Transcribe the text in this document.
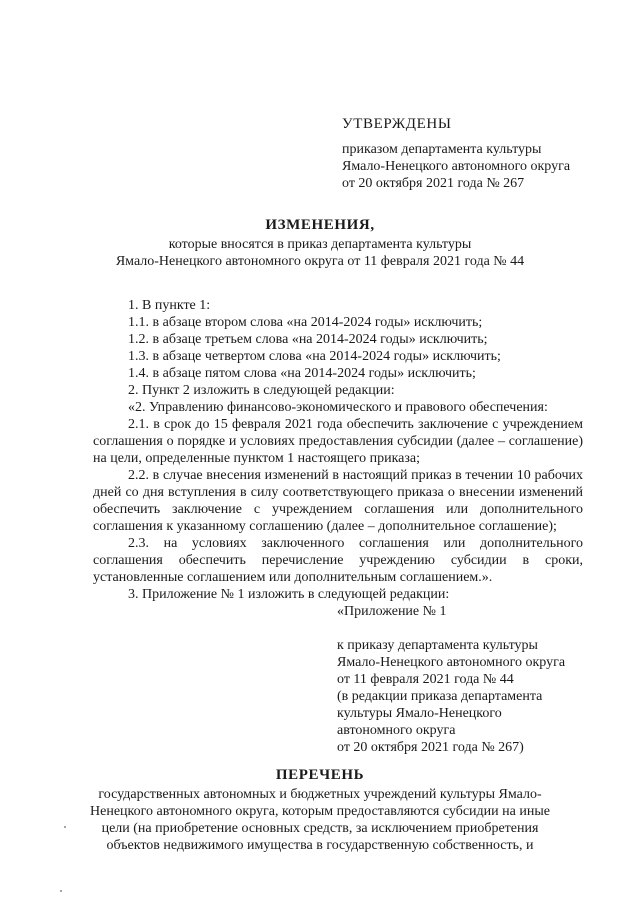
УТВЕРЖДЕНЫ
приказом департамента культуры
Ямало-Ненецкого автономного округа
от 20 октября 2021 года № 267
ИЗМЕНЕНИЯ,
которые вносятся в приказ департамента культуры
Ямало-Ненецкого автономного округа от 11 февраля 2021 года № 44
1. В пункте 1:
1.1. в абзаце втором слова «на 2014-2024 годы» исключить;
1.2. в абзаце третьем слова «на 2014-2024 годы» исключить;
1.3. в абзаце четвертом слова «на 2014-2024 годы» исключить;
1.4. в абзаце пятом слова «на 2014-2024 годы» исключить;
2. Пункт 2 изложить в следующей редакции:
«2. Управлению финансово-экономического и правового обеспечения:
2.1. в срок до 15 февраля 2021 года обеспечить заключение с учреждением
соглашения о порядке и условиях предоставления субсидии (далее – соглашение)
на цели, определенные пунктом 1 настоящего приказа;
2.2. в случае внесения изменений в настоящий приказ в течении 10 рабочих
дней со дня вступления в силу соответствующего приказа о внесении изменений
обеспечить заключение с учреждением соглашения или дополнительного
соглашения к указанному соглашению (далее – дополнительное соглашение);
2.3. на условиях заключенного соглашения или дополнительного
соглашения обеспечить перечисление учреждению субсидии в сроки,
установленные соглашением или дополнительным соглашением.».
3. Приложение № 1 изложить в следующей редакции:
«Приложение № 1
к приказу департамента культуры
Ямало-Ненецкого автономного округа
от 11 февраля 2021 года № 44
(в редакции приказа департамента
культуры Ямало-Ненецкого
автономного округа
от 20 октября 2021 года № 267)
ПЕРЕЧЕНЬ
государственных автономных и бюджетных учреждений культуры Ямало-
Ненецкого автономного округа, которым предоставляются субсидии на иные
цели (на приобретение основных средств, за исключением приобретения
объектов недвижимого имущества в государственную собственность, и
